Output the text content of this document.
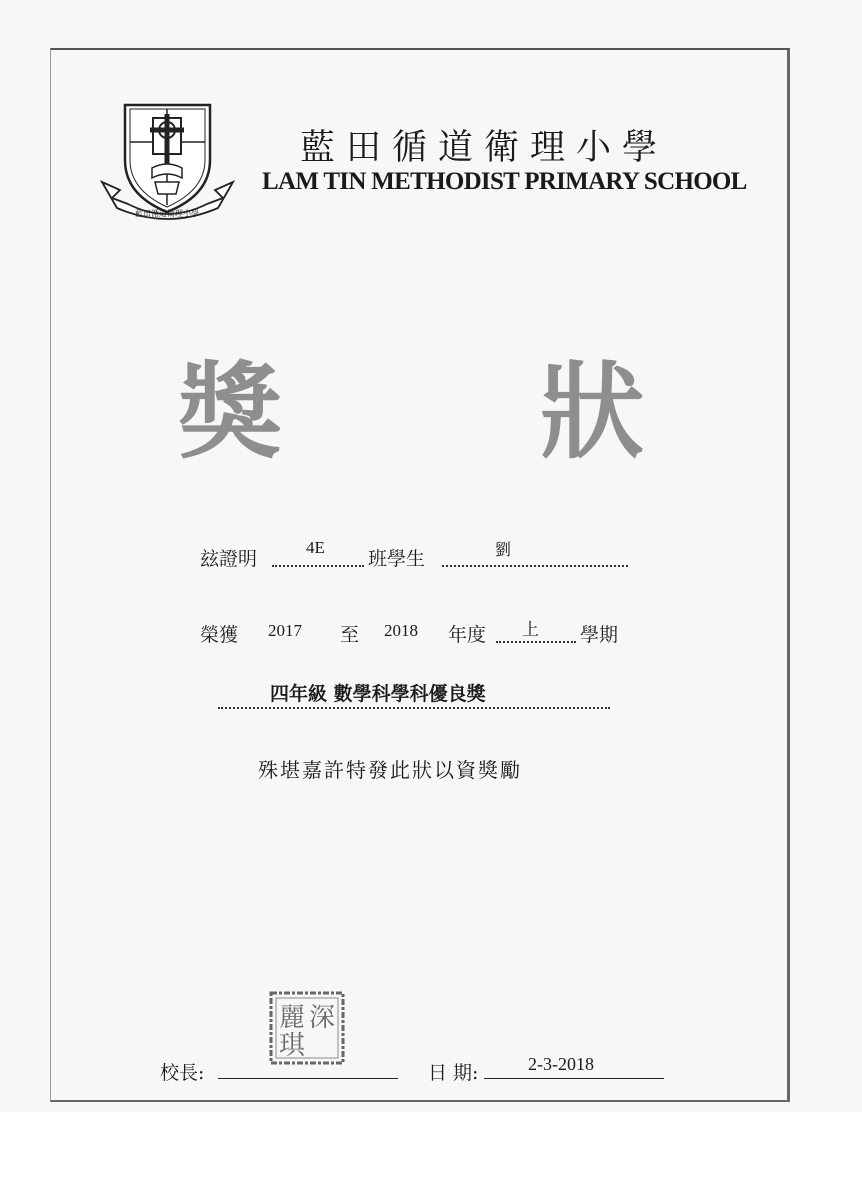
藍田循道衛理小學
藍田循道衛理小學
LAM TIN METHODIST PRIMARY SCHOOL
獎 狀
玆證明
4E
班學生	劉
榮獲 2017 至 2018 年度 上 學期
四年級 數學科學科優良獎
殊堪嘉許特發此狀以資獎勵
深
麗
琪
校長:	日 期:	2-3-2018
